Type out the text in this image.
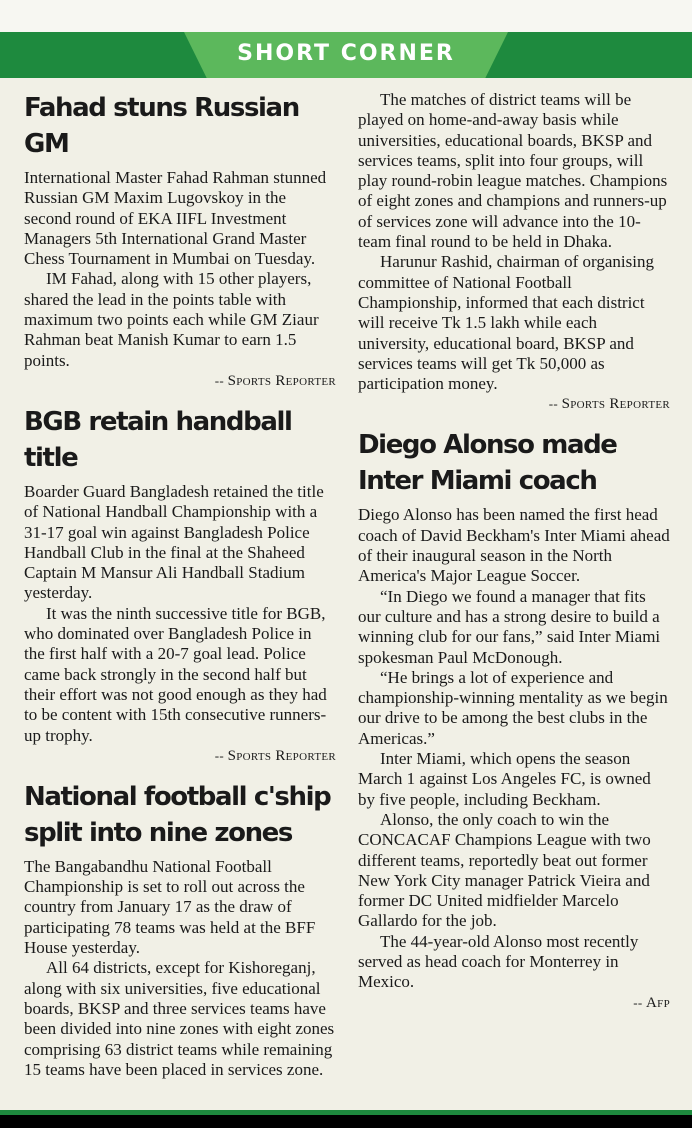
SHORT CORNER
Fahad stuns Russian GM

International Master Fahad Rahman stunned Russian GM Maxim Lugovskoy in the second round of EKA IIFL Investment Managers 5th International Grand Master Chess Tournament in Mumbai on Tuesday.

IM Fahad, along with 15 other players, shared the lead in the points table with maximum two points each while GM Ziaur Rahman beat Manish Kumar to earn 1.5 points.

-- Sports Reporter
BGB retain handball title

Boarder Guard Bangladesh retained the title of National Handball Championship with a 31-17 goal win against Bangladesh Police Handball Club in the final at the Shaheed Captain M Mansur Ali Handball Stadium yesterday.

It was the ninth successive title for BGB, who dominated over Bangladesh Police in the first half with a 20-7 goal lead. Police came back strongly in the second half but their effort was not good enough as they had to be content with 15th consecutive runners-up trophy.

-- Sports Reporter
National football c'ship split into nine zones

The Bangabandhu National Football Championship is set to roll out across the country from January 17 as the draw of participating 78 teams was held at the BFF House yesterday.

All 64 districts, except for Kishoreganj, along with six universities, five educational boards, BKSP and three services teams have been divided into nine zones with eight zones comprising 63 district teams while remaining 15 teams have been placed in services zone.

The matches of district teams will be played on home-and-away basis while universities, educational boards, BKSP and services teams, split into four groups, will play round-robin league matches. Champions of eight zones and champions and runners-up of services zone will advance into the 10-team final round to be held in Dhaka.

Harunur Rashid, chairman of organising committee of National Football Championship, informed that each district will receive Tk 1.5 lakh while each university, educational board, BKSP and services teams will get Tk 50,000 as participation money.

-- Sports Reporter
Diego Alonso made Inter Miami coach

Diego Alonso has been named the first head coach of David Beckham's Inter Miami ahead of their inaugural season in the North America's Major League Soccer.

“In Diego we found a manager that fits our culture and has a strong desire to build a winning club for our fans,” said Inter Miami spokesman Paul McDonough.

“He brings a lot of experience and championship-winning mentality as we begin our drive to be among the best clubs in the Americas.”

Inter Miami, which opens the season March 1 against Los Angeles FC, is owned by five people, including Beckham.

Alonso, the only coach to win the CONCACAF Champions League with two different teams, reportedly beat out former New York City manager Patrick Vieira and former DC United midfielder Marcelo Gallardo for the job.

The 44-year-old Alonso most recently served as head coach for Monterrey in Mexico.

-- Afp
